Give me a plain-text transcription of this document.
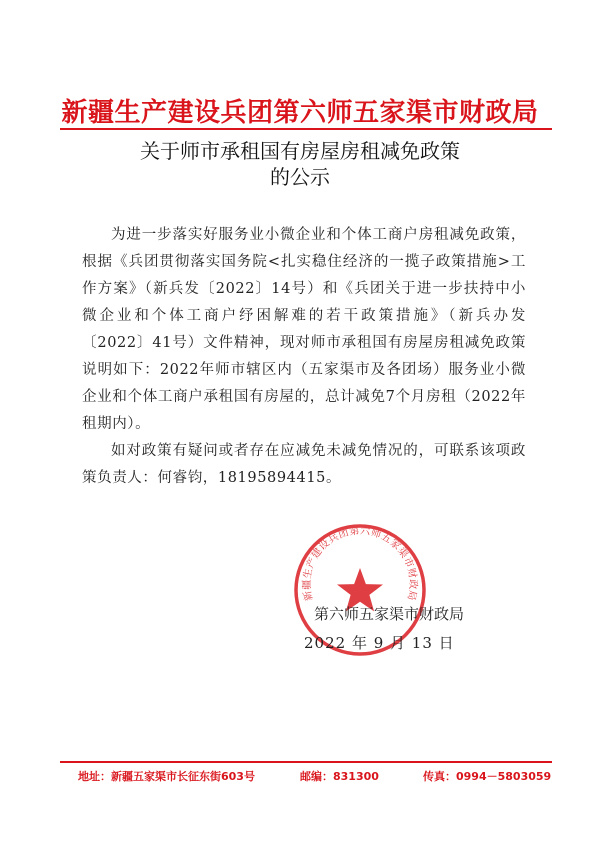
新疆生产建设兵团第六师五家渠市财政局
关于师市承租国有房屋房租减免政策
的公示

为进一步落实好服务业小微企业和个体工商户房租减免政策，根据《兵团贯彻落实国务院<扎实稳住经济的一揽子政策措施>工作方案》（新兵发〔2022〕14号）和《兵团关于进一步扶持中小微企业和个体工商户纾困解难的若干政策措施》（新兵办发〔2022〕41号）文件精神，现对师市承租国有房屋房租减免政策说明如下：2022年师市辖区内（五家渠市及各团场）服务业小微企业和个体工商户承租国有房屋的，总计减免7个月房租（2022年租期内）。

如对政策有疑问或者存在应减免未减免情况的，可联系该项政策负责人：何睿钧，18195894415。

新疆生产建设兵团第六师五家渠市财政局
第六师五家渠市财政局
2022 年 9 月 13 日
地址：新疆五家渠市长征东街603号	邮编：831300	传真：0994－5803059
